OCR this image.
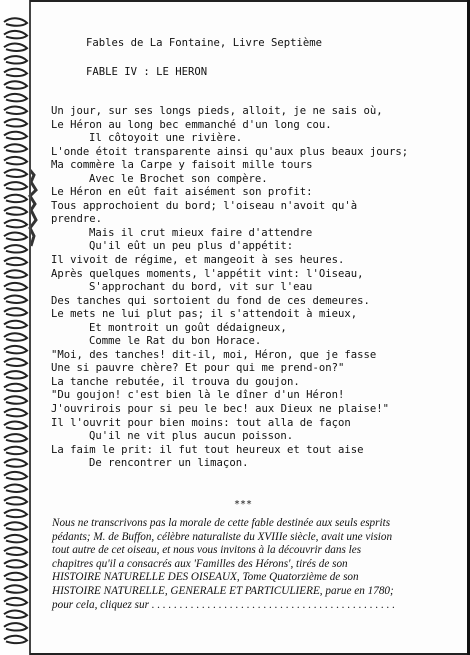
Fables de La Fontaine, Livre Septième
FABLE IV : LE HERON
Un jour, sur ses longs pieds, alloit, je ne sais où,
Le Héron au long bec emmanché d'un long cou.
Il côtoyoit une rivière.
L'onde étoit transparente ainsi qu'aux plus beaux jours;
Ma commère la Carpe y faisoit mille tours
Avec le Brochet son compère.
Le Héron en eût fait aisément son profit:
Tous approchoient du bord; l'oiseau n'avoit qu'à
prendre.
Mais il crut mieux faire d'attendre
Qu'il eût un peu plus d'appétit:
Il vivoit de régime, et mangeoit à ses heures.
Après quelques moments, l'appétit vint: l'Oiseau,
S'approchant du bord, vit sur l'eau
Des tanches qui sortoient du fond de ces demeures.
Le mets ne lui plut pas; il s'attendoit à mieux,
Et montroit un goût dédaigneux,
Comme le Rat du bon Horace.
"Moi, des tanches! dit-il, moi, Héron, que je fasse
Une si pauvre chère? Et pour qui me prend-on?"
La tanche rebutée, il trouva du goujon.
"Du goujon! c'est bien là le dîner d'un Héron!
J'ouvrirois pour si peu le bec! aux Dieux ne plaise!"
Il l'ouvrit pour bien moins: tout alla de façon
Qu'il ne vit plus aucun poisson.
La faim le prit: il fut tout heureux et tout aise
De rencontrer un limaçon.
***
Nous ne transcrivons pas la morale de cette fable destinée aux seuls esprits
pédants; M. de Buffon, célèbre naturaliste du XVIIIe siècle, avait une vision
tout autre de cet oiseau, et nous vous invitons à la découvrir dans les
chapitres qu'il a consacrés aux 'Familles des Hérons', tirés de son
HISTOIRE NATURELLE DES OISEAUX, Tome Quatorzième de son
HISTOIRE NATURELLE, GENERALE ET PARTICULIERE, parue en 1780;
pour cela, cliquez sur . . . . . . . . . . . . . . . . . . . . . . . . . . . . . . . . . . . . . . . . . . . .
